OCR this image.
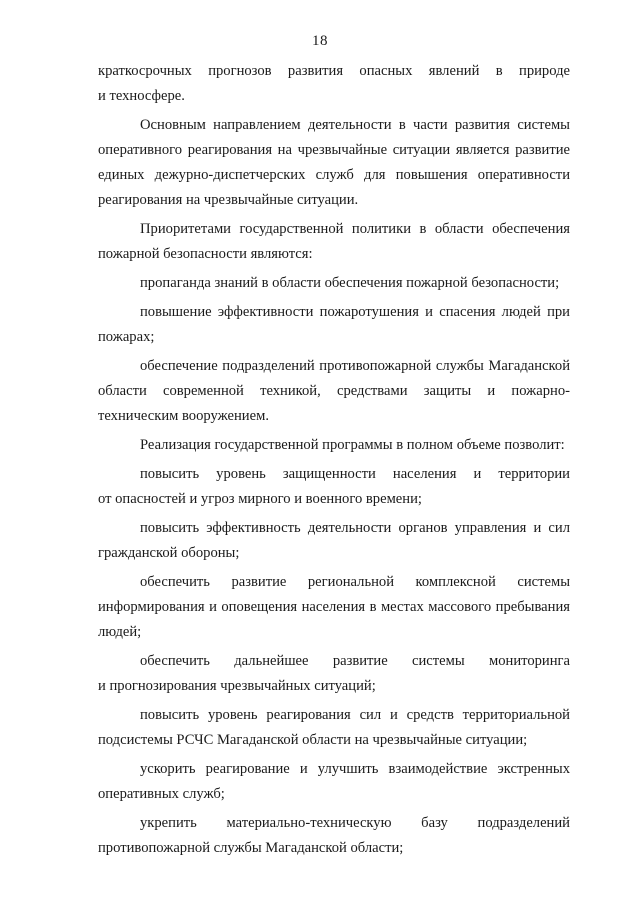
18
краткосрочных прогнозов развития опасных явлений в природе
и техносфере.
Основным направлением деятельности в части развития системы
оперативного реагирования на чрезвычайные ситуации является развитие
единых дежурно-диспетчерских служб для повышения оперативности
реагирования на чрезвычайные ситуации.
Приоритетами государственной политики в области обеспечения
пожарной безопасности являются:
пропаганда знаний в области обеспечения пожарной безопасности;
повышение эффективности пожаротушения и спасения людей при
пожарах;
обеспечение подразделений противопожарной службы Магаданской
области современной техникой, средствами защиты и пожарно-
техническим вооружением.
Реализация государственной программы в полном объеме позволит:
повысить уровень защищенности населения и территории
от опасностей и угроз мирного и военного времени;
повысить эффективность деятельности органов управления и сил
гражданской обороны;
обеспечить развитие региональной комплексной системы
информирования и оповещения населения в местах массового пребывания
людей;
обеспечить дальнейшее развитие системы мониторинга
и прогнозирования чрезвычайных ситуаций;
повысить уровень реагирования сил и средств территориальной
подсистемы РСЧС Магаданской области на чрезвычайные ситуации;
ускорить реагирование и улучшить взаимодействие экстренных
оперативных служб;
укрепить материально-техническую базу подразделений
противопожарной службы Магаданской области;
